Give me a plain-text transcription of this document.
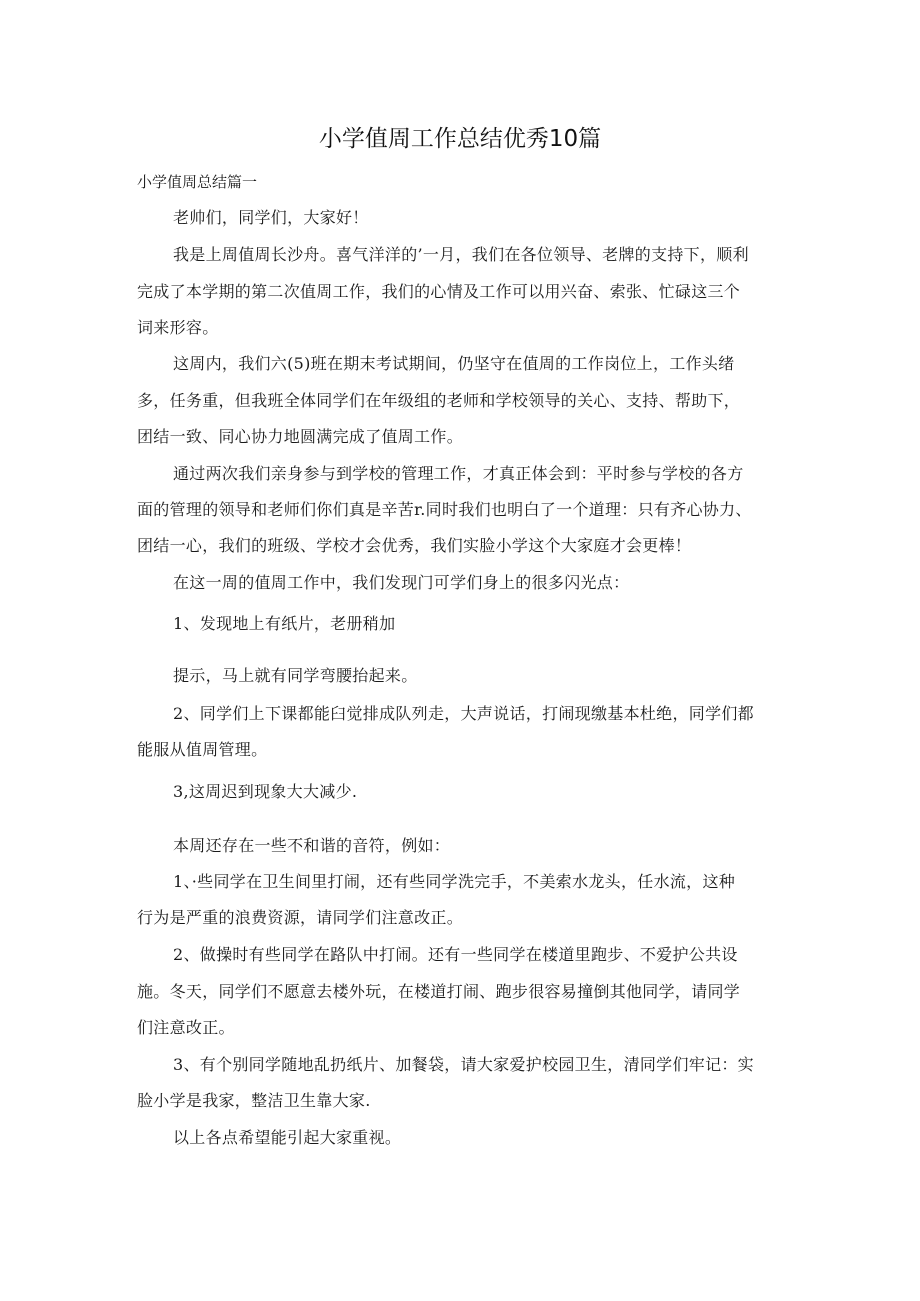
小学值周工作总结优秀10篇
小学值周总结篇一
老帅们，同学们，大家好！
我是上周值周长沙舟。喜气洋洋的’一月，我们在各位领导、老牌的支持下，顺利
完成了本学期的第二次值周工作，我们的心情及工作可以用兴奋、索张、忙碌这三个
词来形容。
这周内，我们六(5)班在期末考试期间，仍坚守在值周的工作岗位上，工作头绪
多，任务重，但我班全体同学们在年级组的老师和学校领导的关心、支持、帮助下，
团结一致、同心协力地圆满完成了值周工作。
通过两次我们亲身参与到学校的管理工作，才真正体会到：平时参与学校的各方
面的管理的领导和老师们你们真是辛苦r.同时我们也明白了一个道理：只有齐心协力、
团结一心，我们的班级、学校才会优秀，我们实脸小学这个大家庭才会更棒！
在这一周的值周工作中，我们发现门可学们身上的很多闪光点：
1、发现地上有纸片，老册稍加
提示，马上就有同学弯腰抬起来。
2、同学们上下课都能臼觉排成队列走，大声说话，打闹现缴基本杜绝，同学们都
能服从值周管理。
3,这周迟到现象大大减少.
本周还存在一些不和谐的音符，例如：
1、·些同学在卫生间里打闹，还有些同学洗完手，不美索水龙头，任水流，这种
行为是严重的浪费资源，请同学们注意改正。
2、做操时有些同学在路队中打闹。还有一些同学在楼道里跑步、不爱护公共设
施。冬天，同学们不愿意去楼外玩，在楼道打闹、跑步很容易撞倒其他同学，请同学
们注意改正。
3、有个别同学随地乱扔纸片、加餐袋，请大家爱护校园卫生，清同学们牢记：实
脸小学是我家，整洁卫生靠大家.
以上各点希望能引起大家重视。
